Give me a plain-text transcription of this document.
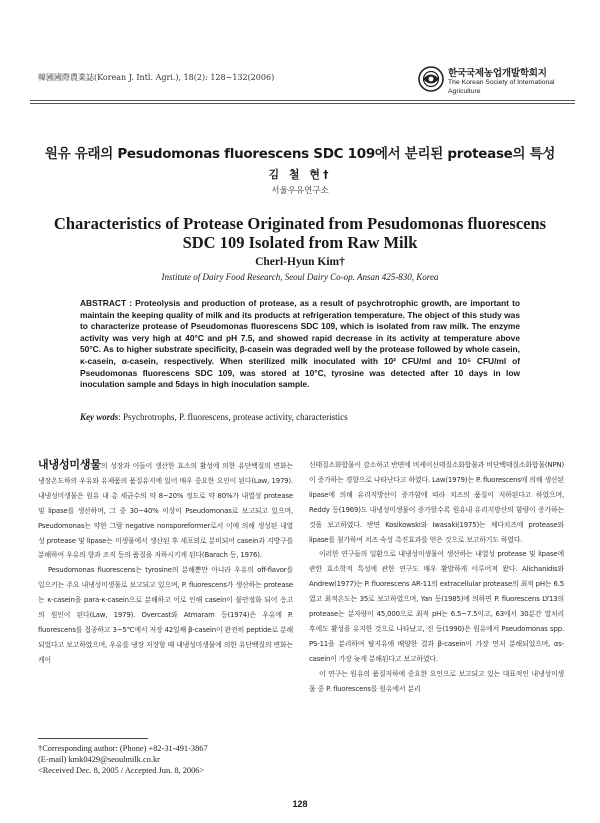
韓國國際農業誌(Korean J. Intl. Agri.), 18(2): 128~132(2006)	한국국제농업개발학회지
The Korean Society of International
Agriculture
원유 유래의 Pesudomonas fluorescens SDC 109에서 분리된 protease의 특성
김 철 현†
서울우유연구소
Characteristics of Protease Originated from Pesudomonas fluorescens
SDC 109 Isolated from Raw Milk
Cherl-Hyun Kim†
Institute of Dairy Food Research, Seoul Dairy Co-op. Ansan 425-830, Korea
ABSTRACT : Proteolysis and production of protease, as a result of psychrotrophic growth, are important to maintain the keeping quality of milk and its products at refrigeration temperature. The object of this study was to characterize protease of Pseudomonas fluorescens SDC 109, which is isolated from raw milk. The enzyme activity was very high at 40°C and pH 7.5, and showed rapid decrease in its activity at temperature above 50°C. As to higher substrate specificity, β-casein was degraded well by the protease followed by whole casein, κ-casein, α-casein, respectively. When sterilized milk inoculated with 10² CFU/ml and 10⁵ CFU/ml of Pseudomonas fluorescens SDC 109, was stored at 10°C, tyrosine was detected after 10 days in low inoculation sample and 5days in high inoculation sample.
Key words: Psychrotrophs, P. fluorescens, protease activity, characteristics

내냉성미생물의 성장과 이들이 생산한 효소의 활성에 의한 유단백질의 변화는 냉장온도하의 우유와 유제품의 품질유지에 있어 매우 중요한 요인이 된다(Law, 1979). 내냉성미생물은 원유 내 총 세균수의 약 8~20% 정도로 약 80%가 내열성 protease 및 lipase를 생산하며, 그 중 30~40% 이상이 Pseudomonas로 보고되고 있으며, Pseudomonas는 약한 그람 negative nonsporeformer로서 이에 의해 생성된 내열성 protease 및 lipase는 미생물에서 생산된 후 세포외로 분비되어 casein과 지방구를 분해하여 우유의 향과 조직 등의 품질을 저하시키게 된다(Barach 등, 1976).

Pesudomonas fluorescens는 tyrosine의 분해뿐만 아니라 우유의 off-flavor를 일으키는 주요 내냉성미생물로 보고되고 있으며, P. fluorescens가 생산하는 protease는 κ-casein을 para-κ-casein으로 분해하고 이로 인해 casein이 불안정화 되어 응고의 원인이 된다(Law, 1979). Overcast와 Atmaram 등(1974)은 우유에 P. fluorescens를 접종하고 3~5℃에서 저장 42일째 β-casein이 완전히 peptide로 분해되었다고 보고하였으며, 우유를 냉장 저장할 때 내냉성미생물에 의한 유단백질의 변화는 케이

신태질소화합물이 감소하고 반면에 비케이신태질소화합물과 비단백태질소화합물(NPN)이 증가하는 경향으로 나타난다고 하였다. Law(1979)는 P. fluorescens에 의해 생산된 lipase에 의해 유리지방산이 증가함에 따라 치즈의 품질이 저하된다고 하였으며, Reddy 등(1969)도 내냉성미생물이 증가할수록 원유내 유리지방산의 함량이 증가하는 것을 보고하였다. 반면 Kosikowski와 Iwasaki(1975)는 체다치즈에 protease와 lipase를 첨가하여 치즈 숙성 촉진효과를 얻은 것으로 보고하기도 하였다.

이러한 연구들의 일환으로 내냉성미생물이 생산하는 내열성 protease 및 lipase에 관한 효소학적 특성에 관한 연구도 매우 활발하게 이루어져 왔다. Alichanidis와 Andrew(1977)는 P. fluorescens AR-11의 extracellular protease의 최적 pH는 6.5였고 최적온도는 35로 보고하였으며, Yan 등(1985)에 의하면 P. fluorescens LY13의 protease는 분자량이 45,000으로 최적 pH는 6.5~7.5이고, 63에서 30분간 열처리 후에도 활성을 유지한 것으로 나타났고, 진 등(1990)은 원유에서 Pseudomonas spp. PS-11을 분리하여 탈지유에 배양한 결과 β-casein이 가장 먼저 분해되었으며, αs-casein이 가장 늦게 분해된다고 보고하였다.

이 연구는 원유의 품질저하에 중요한 요인으로 보고되고 있는 대표적인 내냉성미생물 중 P. fluorescens를 원유에서 분리

†Corresponding author: (Phone) +82-31-491-3867
(E-mail) kmk0429@seoulmilk.co.kr
<Received Dec. 8, 2005 / Accepted Jun. 8, 2006>
128
